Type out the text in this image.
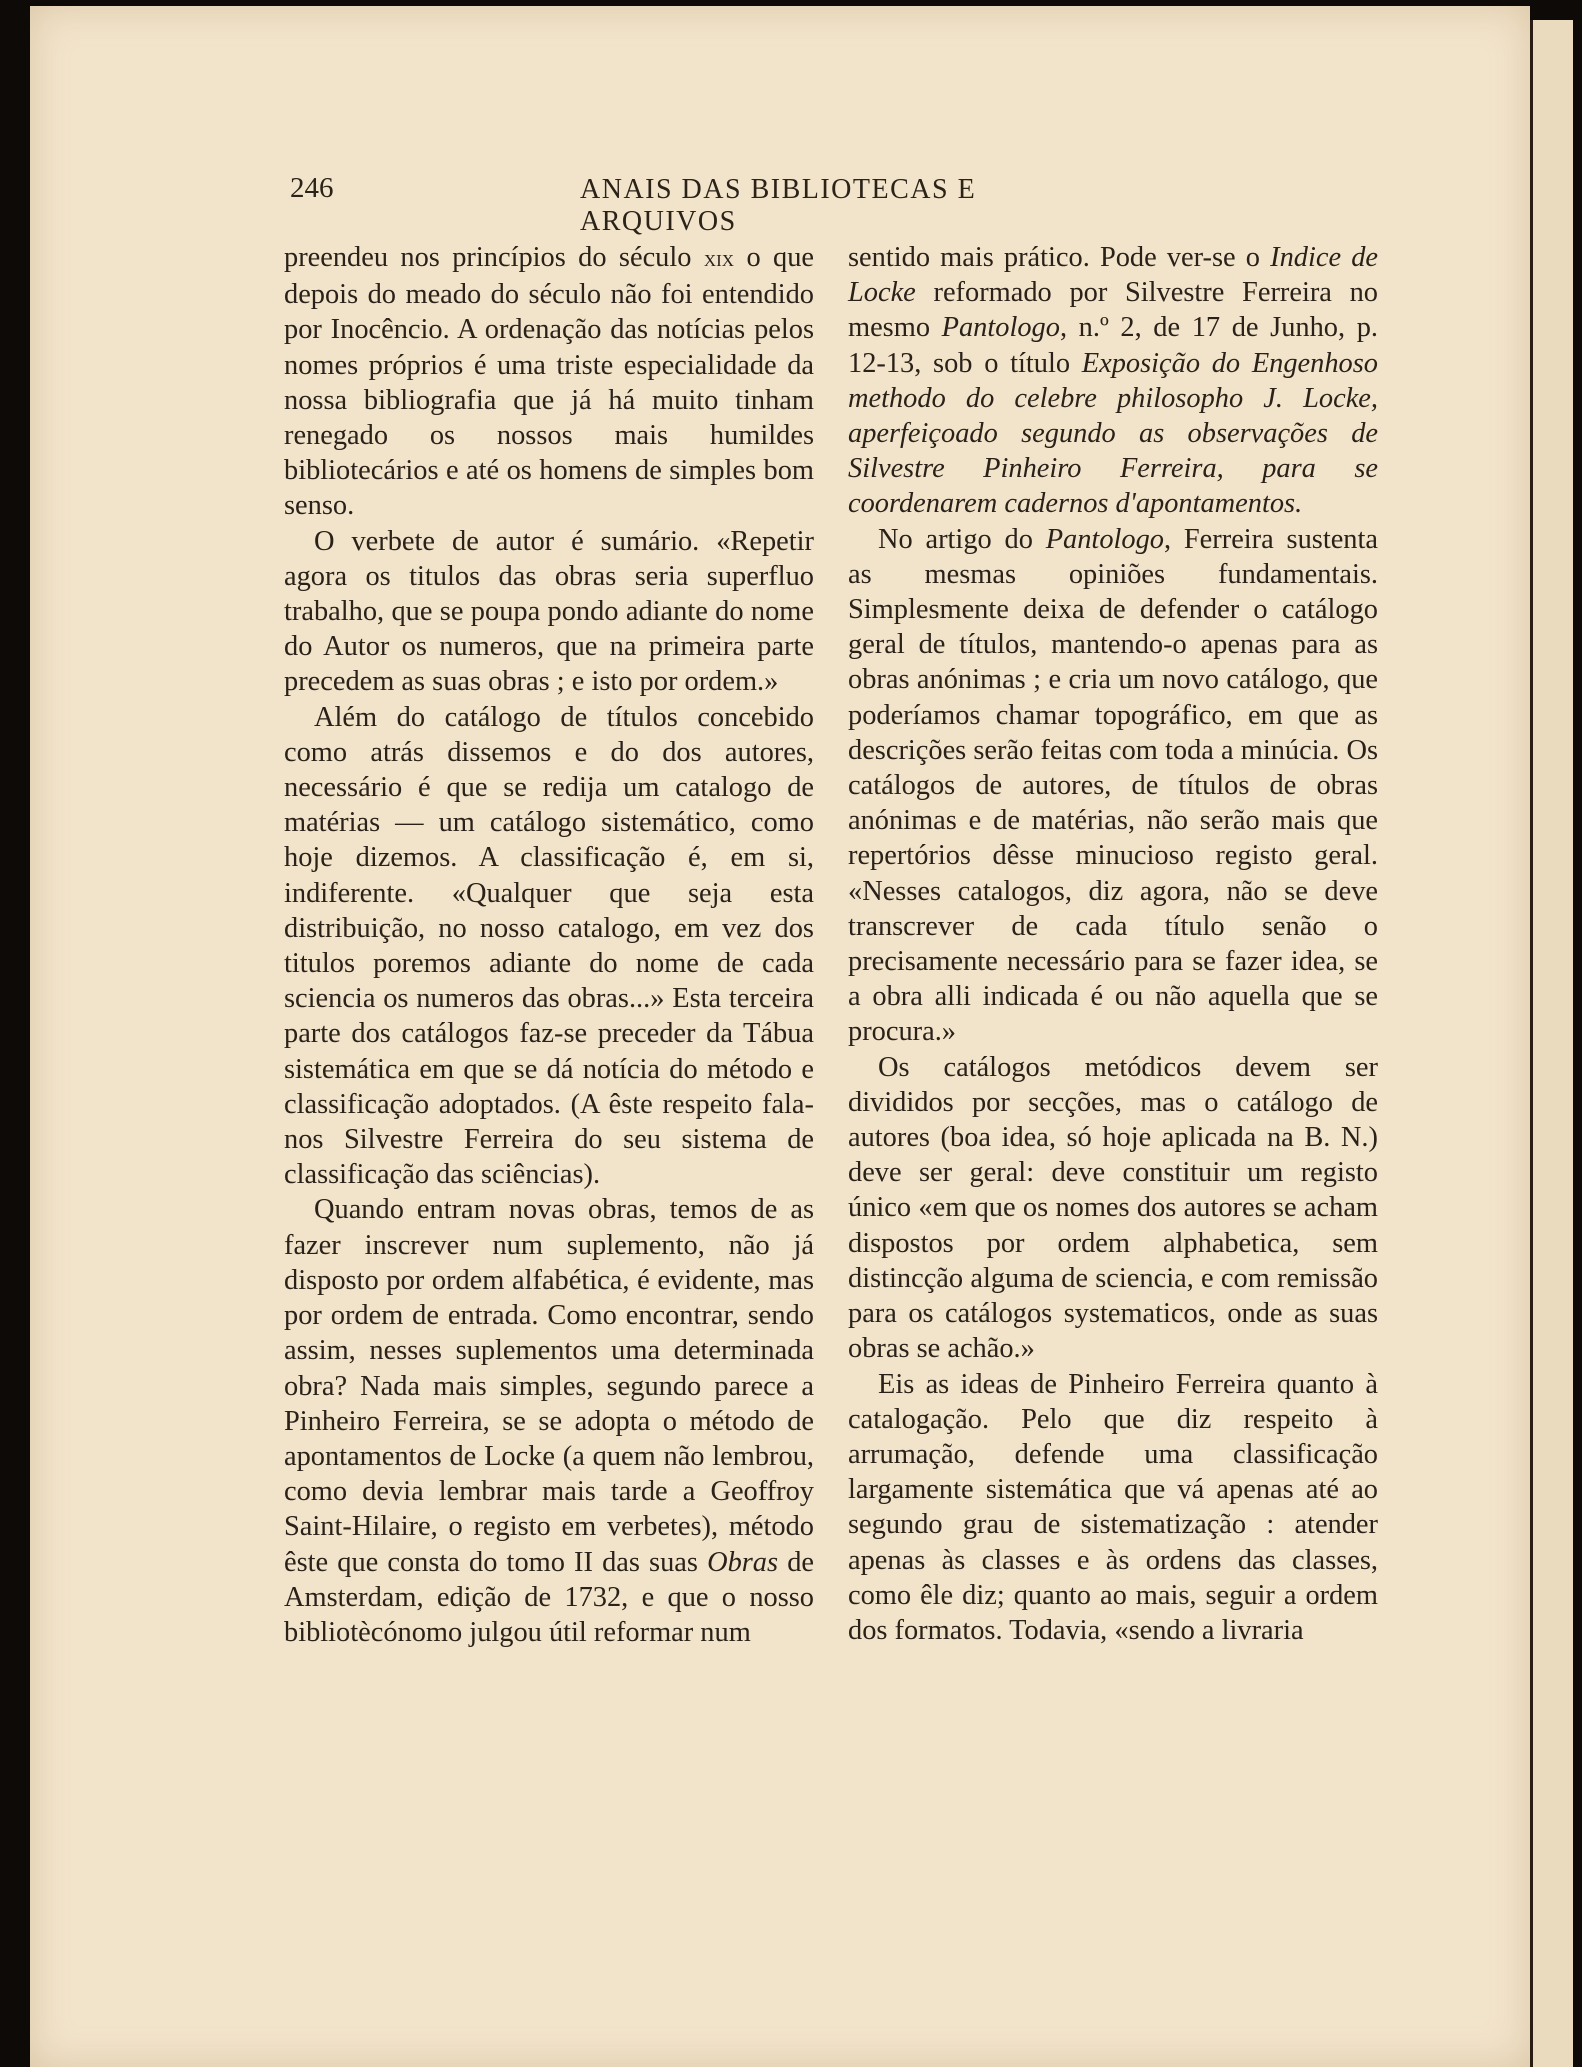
246	ANAIS DAS BIBLIOTECAS E ARQUIVOS

preendeu nos princípios do século xix o que depois do meado do século não foi entendido por Inocêncio. A ordenação das notícias pelos nomes próprios é uma triste especialidade da nossa bibliografia que já há muito tinham renegado os nossos mais humildes bibliotecários e até os homens de simples bom senso.

O verbete de autor é sumário. «Repetir agora os titulos das obras seria superfluo trabalho, que se poupa pondo adiante do nome do Autor os numeros, que na primeira parte precedem as suas obras ; e isto por ordem.»

Além do catálogo de títulos concebido como atrás dissemos e do dos autores, necessário é que se redija um catalogo de matérias — um catálogo sistemático, como hoje dizemos. A classificação é, em si, indiferente. «Qualquer que seja esta distribuição, no nosso catalogo, em vez dos titulos poremos adiante do nome de cada sciencia os numeros das obras...» Esta terceira parte dos catálogos faz-se preceder da Tábua sistemática em que se dá notícia do método e classificação adoptados. (A êste respeito fala-nos Silvestre Ferreira do seu sistema de classificação das sciências).

Quando entram novas obras, temos de as fazer inscrever num suplemento, não já disposto por ordem alfabética, é evidente, mas por ordem de entrada. Como encontrar, sendo assim, nesses suplementos uma determinada obra? Nada mais simples, segundo parece a Pinheiro Ferreira, se se adopta o método de apontamentos de Locke (a quem não lembrou, como devia lembrar mais tarde a Geoffroy Saint-Hilaire, o registo em verbetes), método êste que consta do tomo II das suas Obras de Amsterdam, edição de 1732, e que o nosso bibliotècónomo julgou útil reformar num

sentido mais prático. Pode ver-se o Indice de Locke reformado por Silvestre Ferreira no mesmo Pantologo, n.º 2, de 17 de Junho, p. 12-13, sob o título Exposição do Engenhoso methodo do celebre philosopho J. Locke, aperfeiçoado segundo as observações de Silvestre Pinheiro Ferreira, para se coordenarem cadernos d'apontamentos.

No artigo do Pantologo, Ferreira sustenta as mesmas opiniões fundamentais. Simplesmente deixa de defender o catálogo geral de títulos, mantendo-o apenas para as obras anónimas ; e cria um novo catálogo, que poderíamos chamar topográfico, em que as descrições serão feitas com toda a minúcia. Os catálogos de autores, de títulos de obras anónimas e de matérias, não serão mais que repertórios dêsse minucioso registo geral. «Nesses catalogos, diz agora, não se deve transcrever de cada título senão o precisamente necessário para se fazer idea, se a obra alli indicada é ou não aquella que se procura.»

Os catálogos metódicos devem ser divididos por secções, mas o catálogo de autores (boa idea, só hoje aplicada na B. N.) deve ser geral: deve constituir um registo único «em que os nomes dos autores se acham dispostos por ordem alphabetica, sem distincção alguma de sciencia, e com remissão para os catálogos systematicos, onde as suas obras se achão.»

Eis as ideas de Pinheiro Ferreira quanto à catalogação. Pelo que diz respeito à arrumação, defende uma classificação largamente sistemática que vá apenas até ao segundo grau de sistematização : atender apenas às classes e às ordens das classes, como êle diz; quanto ao mais, seguir a ordem dos formatos. Todavia, «sendo a livraria
